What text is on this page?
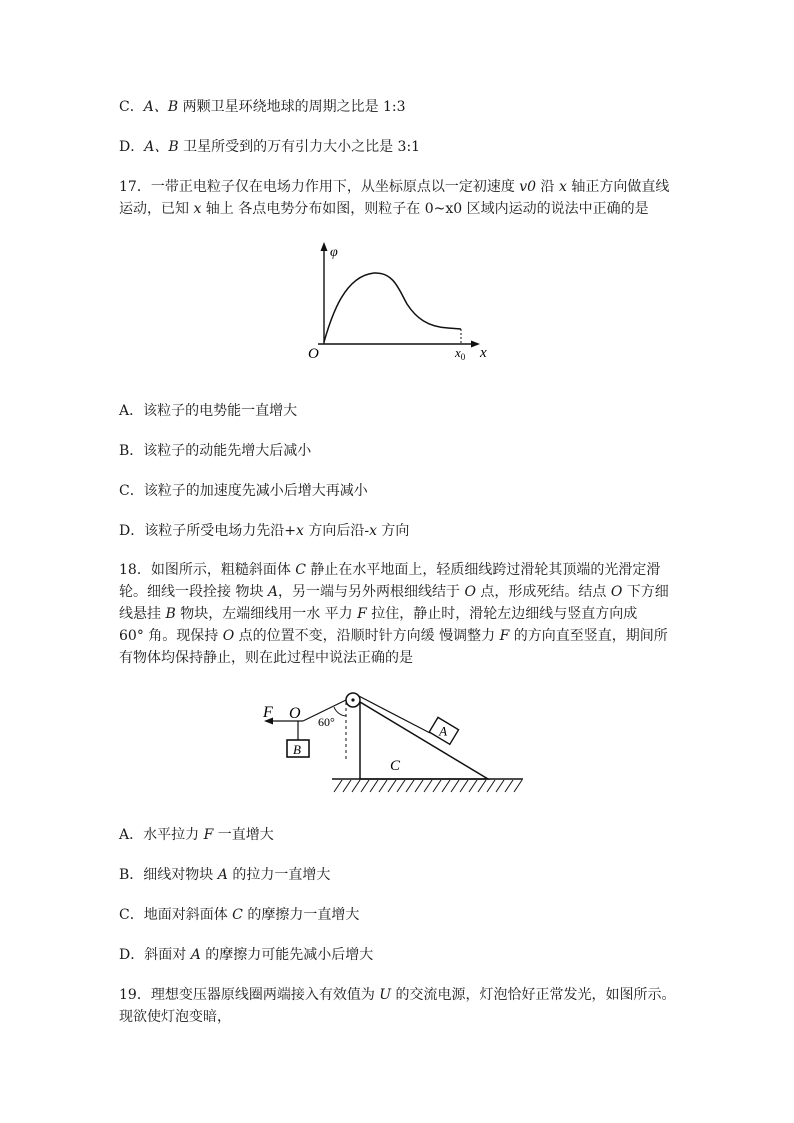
C．A、B 两颗卫星环绕地球的周期之比是 1:3
D．A、B 卫星所受到的万有引力大小之比是 3:1
17．一带正电粒子仅在电场力作用下，从坐标原点以一定初速度 v0 沿 x 轴正方向做直线
运动，已知 x 轴上 各点电势分布如图，则粒子在 0~x0 区域内运动的说法中正确的是
φ
O	$x_0$ x
A．该粒子的电势能一直增大
B．该粒子的动能先增大后减小
C．该粒子的加速度先减小后增大再减小
D．该粒子所受电场力先沿+x 方向后沿-x 方向
18．如图所示，粗糙斜面体 C 静止在水平地面上，轻质细线跨过滑轮其顶端的光滑定滑
轮。细线一段拴接 物块 A，另一端与另外两根细线结于 O 点，形成死结。结点 O 下方细
线悬挂 B 物块，左端细线用一水 平力 F 拉住，静止时，滑轮左边细线与竖直方向成
60° 角。现保持 O 点的位置不变，沿顺时针方向缓 慢调整力 F 的方向直至竖直，期间所
有物体均保持静止，则在此过程中说法正确的是
60°
F O
B
A
C
A．水平拉力 F 一直增大
B．细线对物块 A 的拉力一直增大
C．地面对斜面体 C 的摩擦力一直增大
D．斜面对 A 的摩擦力可能先减小后增大
19．理想变压器原线圈两端接入有效值为 U 的交流电源，灯泡恰好正常发光，如图所示。
现欲使灯泡变暗，
